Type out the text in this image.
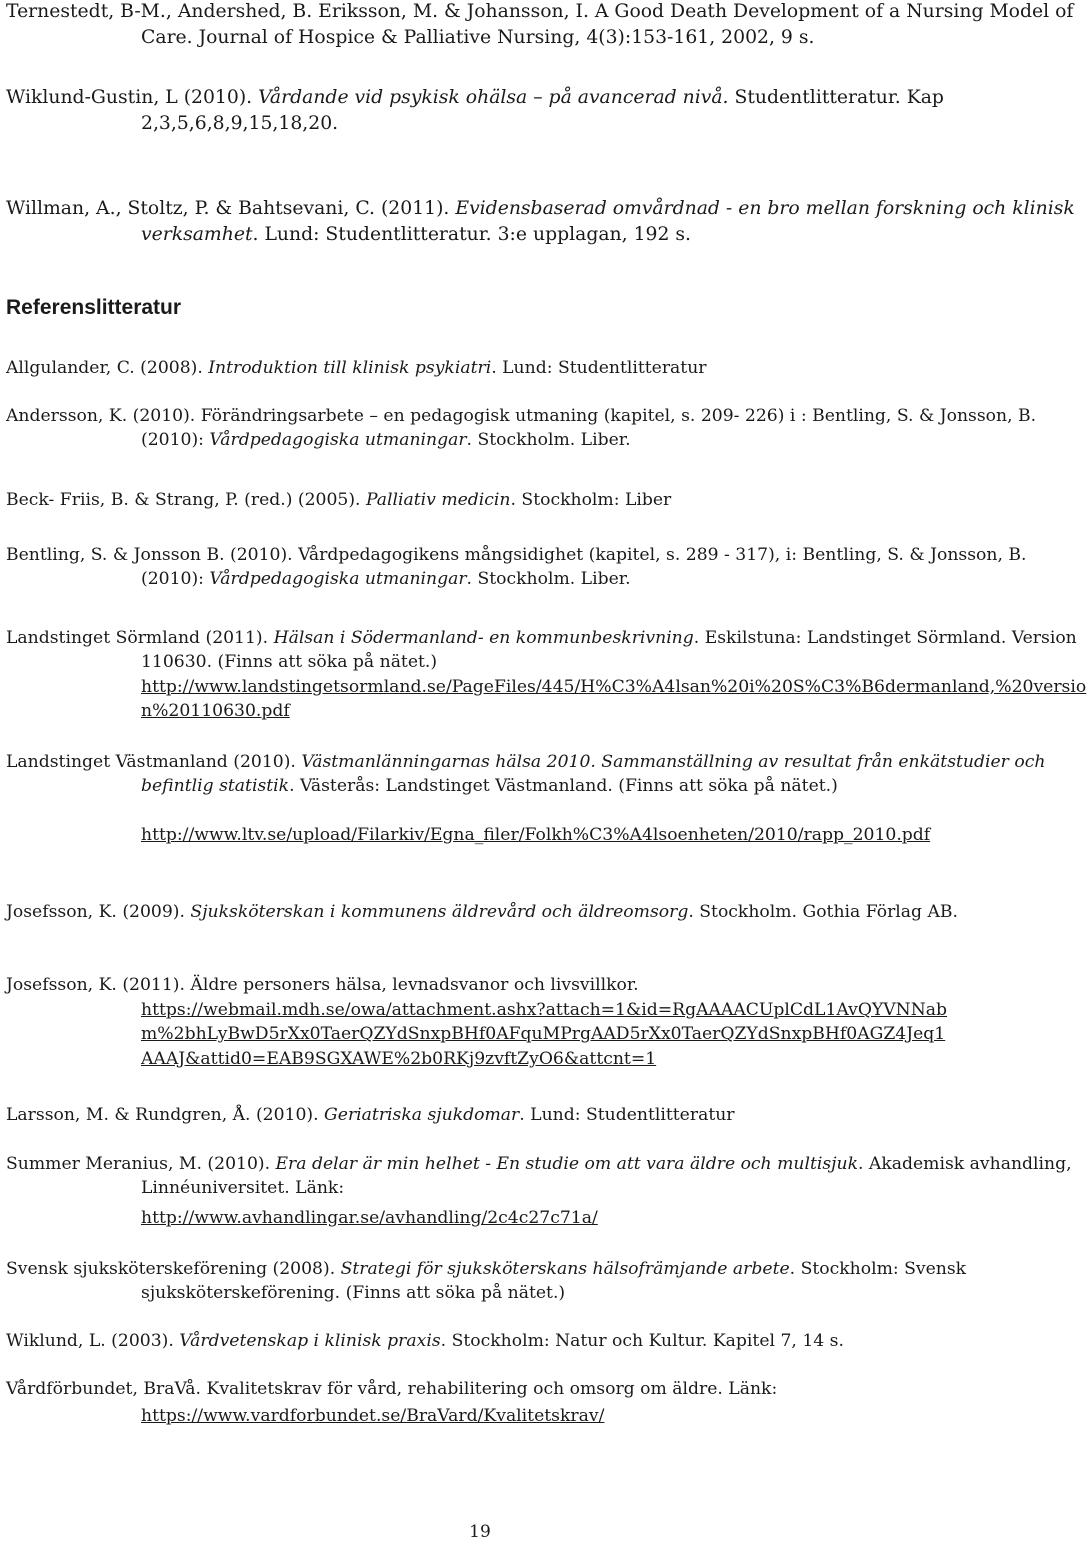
Ternestedt, B-M., Andershed, B. Eriksson, M. & Johansson, I. A Good Death Development of a Nursing Model of Care. Journal of Hospice & Palliative Nursing, 4(3):153-161, 2002, 9 s.

Wiklund-Gustin, L (2010). Vårdande vid psykisk ohälsa – på avancerad nivå. Studentlitteratur. Kap 2,3,5,6,8,9,15,18,20.

Willman, A., Stoltz, P. & Bahtsevani, C. (2011). Evidensbaserad omvårdnad - en bro mellan forskning och klinisk verksamhet. Lund: Studentlitteratur. 3:e upplagan, 192 s.

Referenslitteratur

Allgulander, C. (2008). Introduktion till klinisk psykiatri. Lund: Studentlitteratur

Andersson, K. (2010). Förändringsarbete – en pedagogisk utmaning (kapitel, s. 209- 226) i : Bentling, S. & Jonsson, B. (2010): Vårdpedagogiska utmaningar. Stockholm. Liber.

Beck- Friis, B. & Strang, P. (red.) (2005). Palliativ medicin. Stockholm: Liber

Bentling, S. & Jonsson B. (2010). Vårdpedagogikens mångsidighet (kapitel, s. 289 - 317), i: Bentling, S. & Jonsson, B. (2010): Vårdpedagogiska utmaningar. Stockholm. Liber.

Landstinget Sörmland (2011). Hälsan i Södermanland- en kommunbeskrivning. Eskilstuna: Landstinget Sörmland. Version 110630. (Finns att söka på nätet.)

http://www.landstingetsormland.se/PageFiles/445/H%C3%A4lsan%20i%20S%C3%B6dermanland,%20version%20110630.pdf

Landstinget Västmanland (2010). Västmanlänningarnas hälsa 2010. Sammanställning av resultat från enkätstudier och befintlig statistik. Västerås: Landstinget Västmanland. (Finns att söka på nätet.)

http://www.ltv.se/upload/Filarkiv/Egna_filer/Folkh%C3%A4lsoenheten/2010/rapp_2010.pdf

Josefsson, K. (2009). Sjuksköterskan i kommunens äldrevård och äldreomsorg. Stockholm. Gothia Förlag AB.

Josefsson, K. (2011). Äldre personers hälsa, levnadsvanor och livsvillkor.

https://webmail.mdh.se/owa/attachment.ashx?attach=1&id=RgAAAACUplCdL1AvQYVNNabm%2bhLyBwD5rXx0TaerQZYdSnxpBHf0AFquMPrgAAD5rXx0TaerQZYdSnxpBHf0AGZ4Jeq1AAAJ&attid0=EAB9SGXAWE%2b0RKj9zvftZyO6&attcnt=1

Larsson, M. & Rundgren, Å. (2010). Geriatriska sjukdomar. Lund: Studentlitteratur

Summer Meranius, M. (2010). Era delar är min helhet - En studie om att vara äldre och multisjuk. Akademisk avhandling, Linnéuniversitet. Länk:

http://www.avhandlingar.se/avhandling/2c4c27c71a/

Svensk sjuksköterskeförening (2008). Strategi för sjuksköterskans hälsofrämjande arbete. Stockholm: Svensk sjuksköterskeförening. (Finns att söka på nätet.)

Wiklund, L. (2003). Vårdvetenskap i klinisk praxis. Stockholm: Natur och Kultur. Kapitel 7, 14 s.

Vårdförbundet, BraVå. Kvalitetskrav för vård, rehabilitering och omsorg om äldre. Länk:

https://www.vardforbundet.se/BraVard/Kvalitetskrav/

19
